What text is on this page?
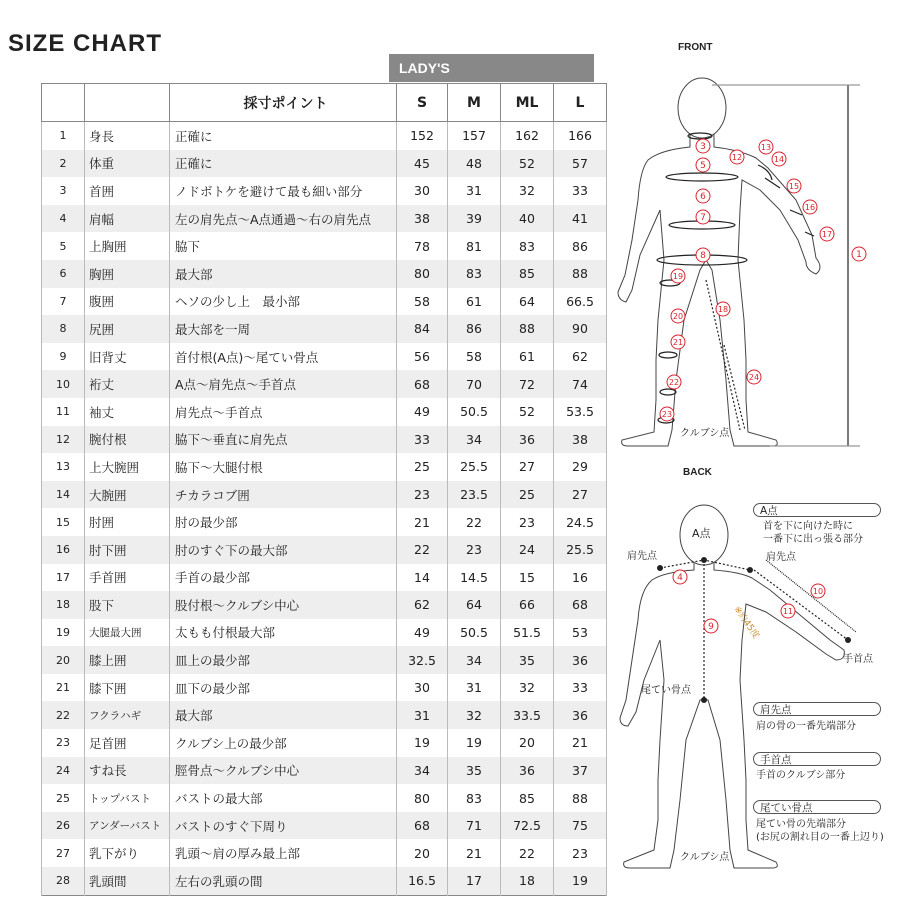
SIZE CHART
LADY'S
		採寸ポイント	S	M	ML	L
1	身長	正確に	152	157	162	166
2	体重	正確に	45	48	52	57
3	首囲	ノドボトケを避けて最も細い部分	30	31	32	33
4	肩幅	左の肩先点〜A点通過〜右の肩先点	38	39	40	41
5	上胸囲	脇下	78	81	83	86
6	胸囲	最大部	80	83	85	88
7	腹囲	ヘソの少し上　最小部	58	61	64	66.5
8	尻囲	最大部を一周	84	86	88	90
9	旧背丈	首付根(A点)〜尾てい骨点	56	58	61	62
10	裄丈	A点〜肩先点〜手首点	68	70	72	74
11	袖丈	肩先点〜手首点	49	50.5	52	53.5
12	腕付根	脇下〜垂直に肩先点	33	34	36	38
13	上大腕囲	脇下〜大腿付根	25	25.5	27	29
14	大腕囲	チカラコブ囲	23	23.5	25	27
15	肘囲	肘の最少部	21	22	23	24.5
16	肘下囲	肘のすぐ下の最大部	22	23	24	25.5
17	手首囲	手首の最少部	14	14.5	15	16
18	股下	股付根〜クルブシ中心	62	64	66	68
19	大腿最大囲	太もも付根最大部	49	50.5	51.5	53
20	膝上囲	皿上の最少部	32.5	34	35	36
21	膝下囲	皿下の最少部	30	31	32	33
22	フクラハギ	最大部	31	32	33.5	36
23	足首囲	クルブシ上の最少部	19	19	20	21
24	すね長	脛骨点〜クルブシ中心	34	35	36	37
25	トップバスト	バストの最大部	80	83	85	88
26	アンダーバスト	バストのすぐ下周り	68	71	72.5	75
27	乳下がり	乳頭〜肩の厚み最上部	20	21	22	23
28	乳頭間	左右の乳頭の間	16.5	17	18	19
FRONT
BACK
クルブシ点
A点
肩先点	肩先点
手首点
尾てい骨点
クルブシ点
※約45度
A点
首を下に向けた時に
一番下に出っ張る部分
肩先点
肩の骨の一番先端部分
手首点
手首のクルブシ部分
尾てい骨点
尾てい骨の先端部分
(お尻の割れ目の一番上辺り)
1
3
5
6
7
8
12
13
14
15
16
17
18
19
20
21
22
23
24
4
9
10
11
